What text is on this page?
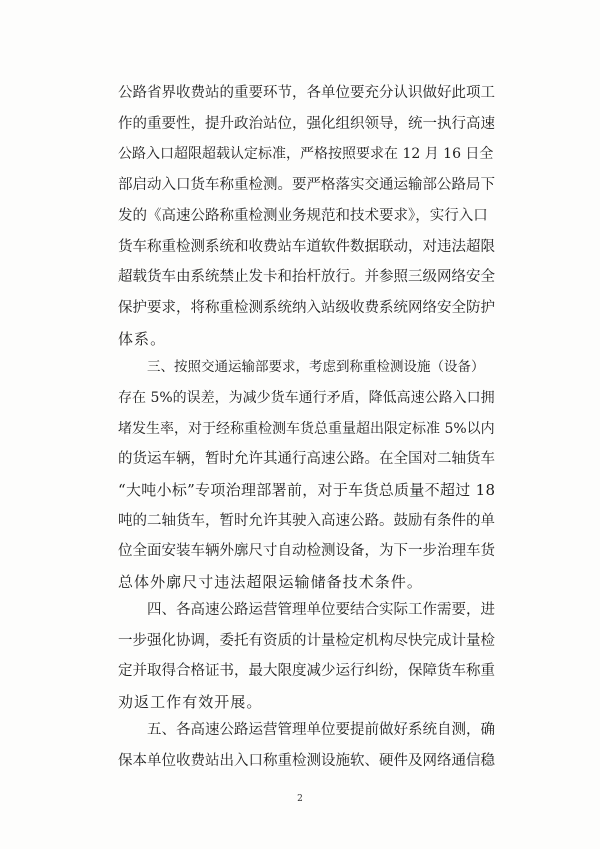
公路省界收费站的重要环节，各单位要充分认识做好此项工
作的重要性，提升政治站位，强化组织领导，统一执行高速
公路入口超限超载认定标准，严格按照要求在 12 月 16 日全
部启动入口货车称重检测。要严格落实交通运输部公路局下
发的《高速公路称重检测业务规范和技术要求》，实行入口
货车称重检测系统和收费站车道软件数据联动，对违法超限
超载货车由系统禁止发卡和抬杆放行。并参照三级网络安全
保护要求，将称重检测系统纳入站级收费系统网络安全防护
体系。
三、按照交通运输部要求，考虑到称重检测设施（设备）
存在 5%的误差，为减少货车通行矛盾，降低高速公路入口拥
堵发生率，对于经称重检测车货总重量超出限定标准 5%以内
的货运车辆，暂时允许其通行高速公路。在全国对二轴货车
“大吨小标”专项治理部署前，对于车货总质量不超过 18
吨的二轴货车，暂时允许其驶入高速公路。鼓励有条件的单
位全面安装车辆外廓尺寸自动检测设备，为下一步治理车货
总体外廓尺寸违法超限运输储备技术条件。
四、各高速公路运营管理单位要结合实际工作需要，进
一步强化协调，委托有资质的计量检定机构尽快完成计量检
定并取得合格证书，最大限度减少运行纠纷，保障货车称重
劝返工作有效开展。
五、各高速公路运营管理单位要提前做好系统自测，确
保本单位收费站出入口称重检测设施软、硬件及网络通信稳
2
